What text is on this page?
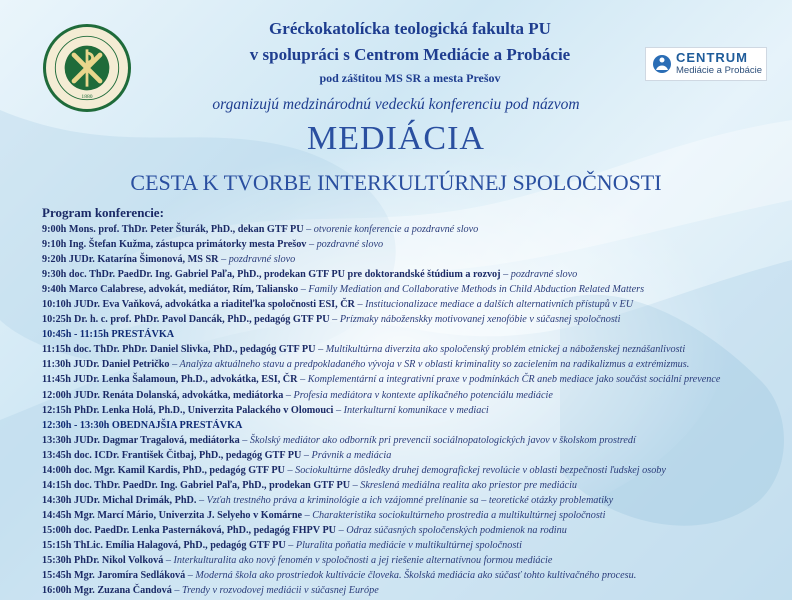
1880
CENTRUM
Mediácie a Probácie
Gréckokatolícka teologická fakulta PU
v spolupráci s Centrom Mediácie a Probácie
pod záštitou MS SR a mesta Prešov
organizujú medzinárodnú vedeckú konferenciu pod názvom
MEDIÁCIA
CESTA K TVORBE INTERKULTÚRNEJ SPOLOČNOSTI
Program konferencie:
9:00h Mons. prof. ThDr. Peter Šturák, PhD., dekan GTF PU – otvorenie konferencie a pozdravné slovo
9:10h Ing. Štefan Kužma, zástupca primátorky mesta Prešov – pozdravné slovo
9:20h JUDr. Katarína Šimonová, MS SR – pozdravné slovo
9:30h doc. ThDr. PaedDr. Ing. Gabriel Paľa, PhD., prodekan GTF PU pre doktorandské štúdium a rozvoj – pozdravné slovo
9:40h Marco Calabrese, advokát, mediátor, Rím, Taliansko – Family Mediation and Collaborative Methods in Child Abduction Related Matters
10:10h JUDr. Eva Vaňková, advokátka a riaditeľka spoločnosti ESI, ČR – Institucionalizace mediace a dalších alternativních přístupů v EU
10:25h Dr. h. c. prof. PhDr. Pavol Dancák, PhD., pedagóg GTF PU – Prízmaky náboženskky motivovanej xenofóbie v súčasnej spoločnosti
10:45h - 11:15h PRESTÁVKA
11:15h doc. ThDr. PhDr. Daniel Slivka, PhD., pedagóg GTF PU – Multikultúrna diverzita ako spoločenský problém etnickej a náboženskej neznášanlivosti
11:30h JUDr. Daniel Petričko – Analýza aktuálneho stavu a predpokladaného vývoja v SR v oblasti kriminality so zacielením na radikalizmus a extrémizmus.
11:45h JUDr. Lenka Šalamoun, Ph.D., advokátka, ESI, ČR – Komplementární a integrativní praxe v podmínkách ČR aneb mediace jako součást sociální prevence
12:00h JUDr. Renáta Dolanská, advokátka, mediátorka – Profesia mediátora v kontexte aplikačného potenciálu mediácie
12:15h PhDr. Lenka Holá, Ph.D., Univerzita Palackého v Olomouci – Interkulturní komunikace v mediaci
12:30h - 13:30h OBEDNAJŠIA PRESTÁVKA
13:30h JUDr. Dagmar Tragalová, mediátorka – Školský mediátor ako odborník pri prevencii sociálnopatologických javov v školskom prostredí
13:45h doc. ICDr. František Čitbaj, PhD., pedagóg GTF PU – Právnik a mediácia
14:00h doc. Mgr. Kamil Kardis, PhD., pedagóg GTF PU – Sociokultúrne dôsledky druhej demografickej revolúcie v oblasti bezpečnosti ľudskej osoby
14:15h doc. ThDr. PaedDr. Ing. Gabriel Paľa, PhD., prodekan GTF PU – Skreslená mediálna realita ako priestor pre mediáciu
14:30h JUDr. Michal Drimák, PhD. – Vzťah trestného práva a kriminológie a ich vzájomné prelínanie sa – teoretické otázky problematiky
14:45h Mgr. Marcí Mário, Univerzita J. Selyeho v Komárne – Charakteristika sociokultúrneho prostredia a multikultúrnej spoločnosti
15:00h doc. PaedDr. Lenka Pasternáková, PhD., pedagóg FHPV PU – Odraz súčasných spoločenských podmienok na rodinu
15:15h ThLic. Emília Halagová, PhD., pedagóg GTF PU – Pluralita poňatia mediácie v multikultúrnej spoločnosti
15:30h PhDr. Nikol Volková – Interkulturalita ako nový fenomén v spoločnosti a jej riešenie alternatívnou formou mediácie
15:45h Mgr. Jaromíra Sedláková – Moderná škola ako prostriedok kultivácie človeka. Školská mediácia ako súčasť tohto kultivačného procesu.
16:00h Mgr. Zuzana Čandová – Trendy v rozvodovej mediácii v súčasnej Európe
